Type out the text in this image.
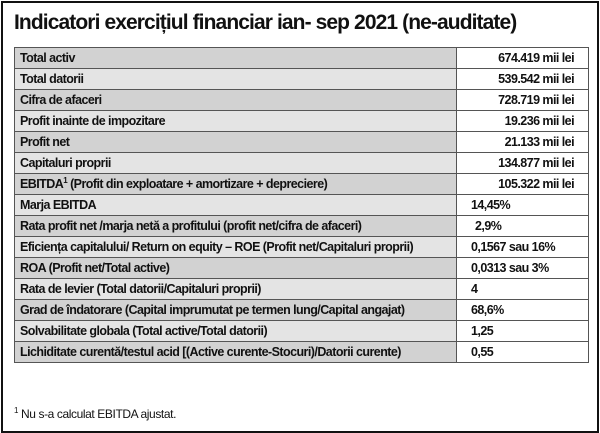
Indicatori exercițiul financiar ian- sep 2021 (ne-auditate)
Total activ	674.419 mii lei
Total datorii	539.542 mii lei
Cifra de afaceri	728.719 mii lei
Profit inainte de impozitare	19.236 mii lei
Profit net	21.133 mii lei
Capitaluri proprii	134.877 mii lei
EBITDA$^1$ (Profit din exploatare + amortizare + depreciere)	105.322 mii lei
Marja EBITDA	14,45%
Rata profit net /marja netă a profitului (profit net/cifra de afaceri)	2,9%
Eficiența capitalului/ Return on equity – ROE (Profit net/Capitaluri proprii)	0,1567 sau 16%
ROA (Profit net/Total active)	0,0313 sau 3%
Rata de levier (Total datorii/Capitaluri proprii)	4
Grad de îndatorare (Capital imprumutat pe termen lung/Capital angajat)	68,6%
Solvabilitate globala (Total active/Total datorii)	1,25
Lichiditate curentă/testul acid [(Active curente-Stocuri)/Datorii curente)	0,55
$^1$ Nu s-a calculat EBITDA ajustat.
